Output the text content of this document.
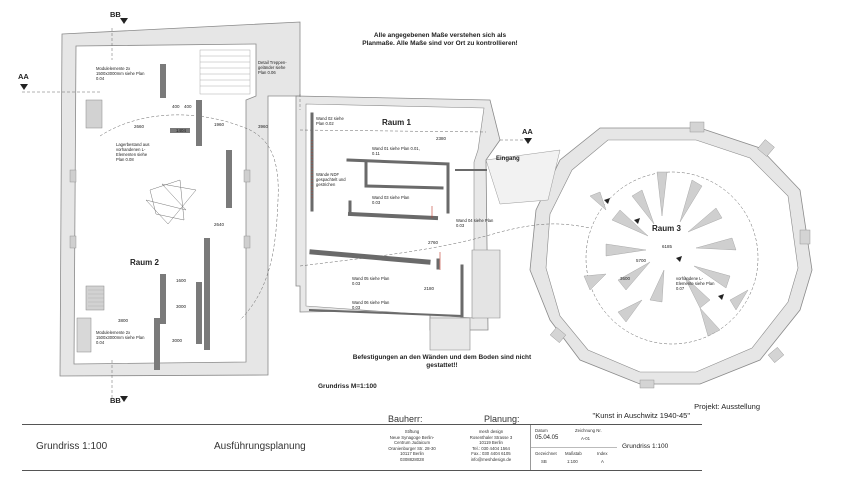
BB
BB
AA
AA
Alle angegebenen Maße verstehen sich als Planmaße. Alle Maße sind vor Ort zu kontrollieren!
Befestigungen an den Wänden und dem Boden sind nicht gestattet!!
Grundriss M=1:100
Raum 1
Raum 2
Raum 3
Eingang
Modulelemente 2x 1500x3000mm siehe Plan 0.04
Modulelemente 2x 1500x3000mm siehe Plan 0.04
Detail Treppen-geländer siehe Plan 0.06
Lagerbestand aus vorhandenen L-Elementen siehe Plan 0.08
Wand 02 siehe Plan 0.02
Wand 01 siehe Plan 0.01, 0.11
Wände NDF gespachtelt und gestrichen
Wand 03 siehe Plan 0.03
Wand 04 siehe Plan 0.03
Wand 05 siehe Plan 0.03
Wand 06 siehe Plan 0.03
vorhandene L-Elemente siehe Plan 0.07
2660
400 400
1404
1960	3960
2640
3800
1600
3000
3000
2380
2760
2180
6185
5700
3600
Bauherr:	Planung:
Projekt: Ausstellung
"Kunst in Auschwitz 1940-45"
Grundriss 1:100	Ausführungsplanung
Stiftung
Neue Synagoge Berlin-
Centrum Judaicum
Oranienburger Str. 28-30
10117 Berlin
0308828028
mesh design
Rosenthaler Strasse 3
10119 Berlin
Tel.: 030 4404 1564
Fax.: 030 4404 6105
info@meshdesign.de
Datum
05.04.05
Zeichnung Nr.
A-01
Gezeichnet
SB
Maßstab
1:100
Index
A
Grundriss 1:100
